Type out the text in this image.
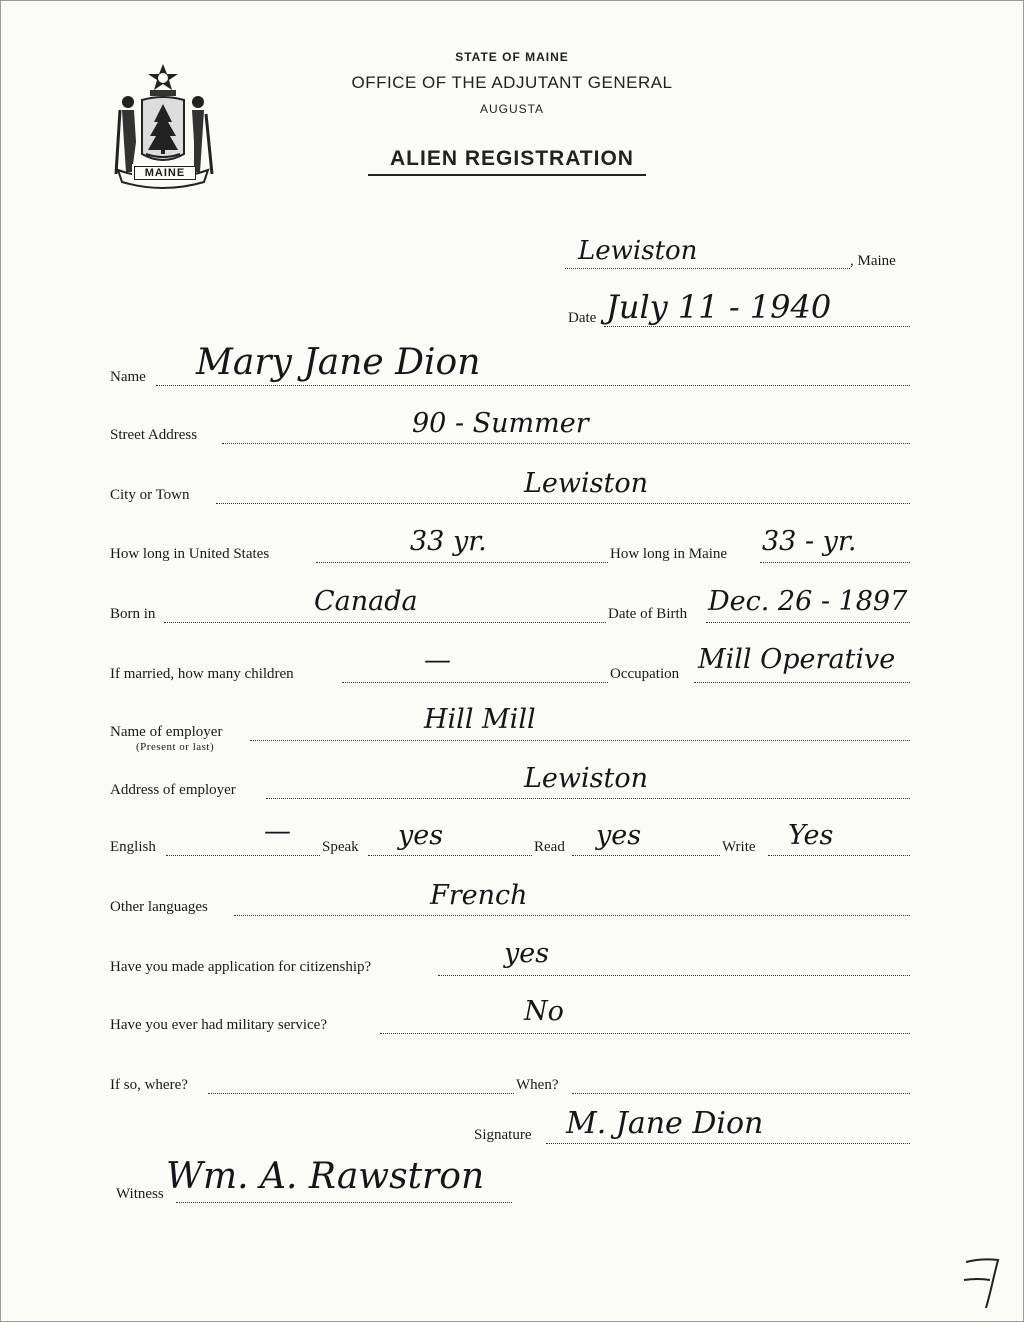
MAINE
STATE OF MAINE
OFFICE OF THE ADJUTANT GENERAL
AUGUSTA
ALIEN REGISTRATION
Lewiston	, Maine
Date July 11 - 1940
Name Mary Jane Dion
Street Address	90 - Summer
City or Town	Lewiston
How long in United States	33 yr.	How long in Maine 33 - yr.
Born in	Canada	Date of Birth Dec. 26 - 1897
If married, how many children	—	Occupation Mill Operative
Name of employer
(Present or last)
Hill Mill
Address of employer	Lewiston
English	— Speak yes	Read yes	Write Yes
Other languages	French
Have you made application for citizenship?	yes
Have you ever had military service?	No
If so, where?	When?
Signature M. Jane Dion
Witness Wm. A. Rawstron
